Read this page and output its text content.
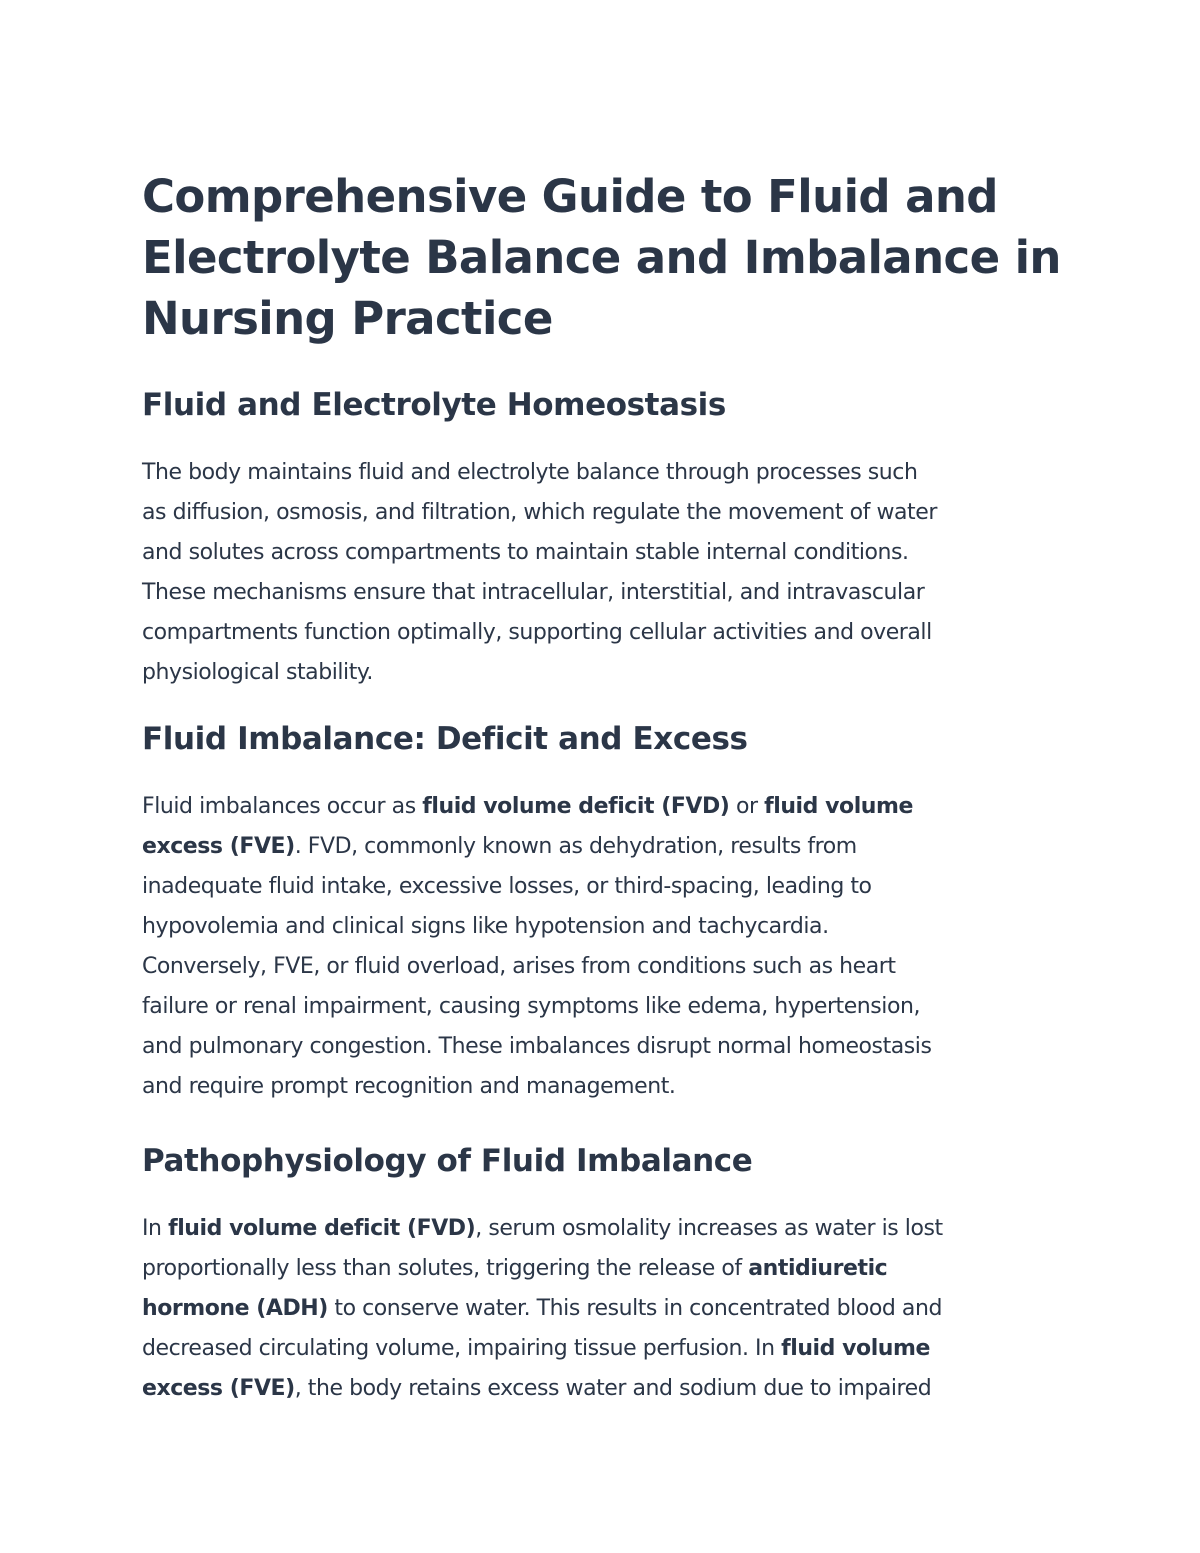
Comprehensive Guide to Fluid and
Electrolyte Balance and Imbalance in
Nursing Practice
Fluid and Electrolyte Homeostasis

The body maintains fluid and electrolyte balance through processes such
as diffusion, osmosis, and filtration, which regulate the movement of water
and solutes across compartments to maintain stable internal conditions.
These mechanisms ensure that intracellular, interstitial, and intravascular
compartments function optimally, supporting cellular activities and overall
physiological stability.

Fluid Imbalance: Deficit and Excess

Fluid imbalances occur as fluid volume deficit (FVD) or fluid volume
excess (FVE). FVD, commonly known as dehydration, results from
inadequate fluid intake, excessive losses, or third-spacing, leading to
hypovolemia and clinical signs like hypotension and tachycardia.
Conversely, FVE, or fluid overload, arises from conditions such as heart
failure or renal impairment, causing symptoms like edema, hypertension,
and pulmonary congestion. These imbalances disrupt normal homeostasis
and require prompt recognition and management.

Pathophysiology of Fluid Imbalance

In fluid volume deficit (FVD), serum osmolality increases as water is lost
proportionally less than solutes, triggering the release of antidiuretic
hormone (ADH) to conserve water. This results in concentrated blood and
decreased circulating volume, impairing tissue perfusion. In fluid volume
excess (FVE), the body retains excess water and sodium due to impaired
